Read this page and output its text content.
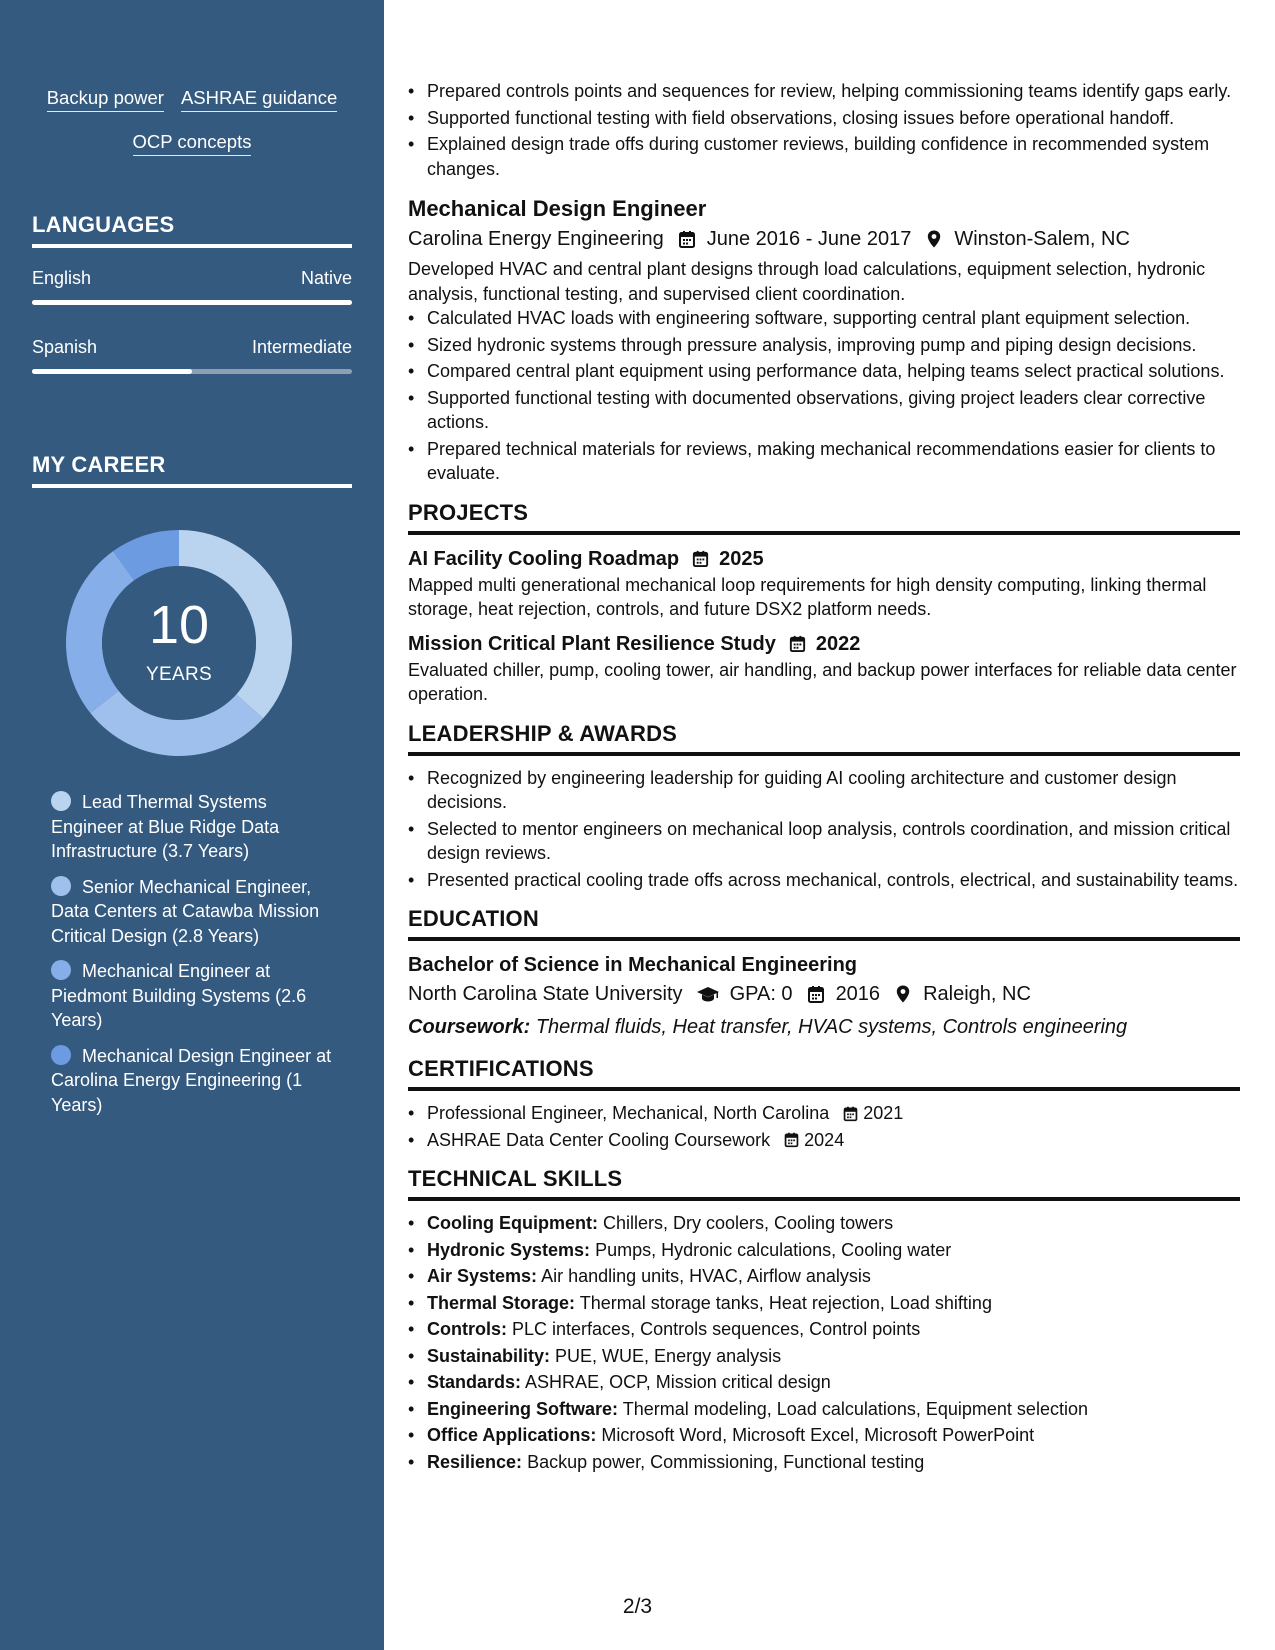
Backup power ASHRAE guidance
OCP concepts
LANGUAGES
English	Native
Spanish	Intermediate
MY CAREER
10
YEARS
Lead Thermal Systems Engineer at Blue Ridge Data Infrastructure (3.7 Years)
Senior Mechanical Engineer, Data Centers at Catawba Mission Critical Design (2.8 Years)
Mechanical Engineer at Piedmont Building Systems (2.6 Years)
Mechanical Design Engineer at Carolina Energy Engineering (1 Years)
• Prepared controls points and sequences for review, helping commissioning teams identify gaps early.
• Supported functional testing with field observations, closing issues before operational handoff.
• Explained design trade offs during customer reviews, building confidence in recommended system changes.
Mechanical Design Engineer
Carolina Energy Engineering June 2016 - June 2017 Winston-Salem, NC
Developed HVAC and central plant designs through load calculations, equipment selection, hydronic analysis, functional testing, and supervised client coordination.
• Calculated HVAC loads with engineering software, supporting central plant equipment selection.
• Sized hydronic systems through pressure analysis, improving pump and piping design decisions.
• Compared central plant equipment using performance data, helping teams select practical solutions.
• Supported functional testing with documented observations, giving project leaders clear corrective actions.
• Prepared technical materials for reviews, making mechanical recommendations easier for clients to evaluate.
PROJECTS
AI Facility Cooling Roadmap 2025
Mapped multi generational mechanical loop requirements for high density computing, linking thermal storage, heat rejection, controls, and future DSX2 platform needs.
Mission Critical Plant Resilience Study 2022
Evaluated chiller, pump, cooling tower, air handling, and backup power interfaces for reliable data center operation.
LEADERSHIP & AWARDS
• Recognized by engineering leadership for guiding AI cooling architecture and customer design decisions.
• Selected to mentor engineers on mechanical loop analysis, controls coordination, and mission critical design reviews.
• Presented practical cooling trade offs across mechanical, controls, electrical, and sustainability teams.
EDUCATION
Bachelor of Science in Mechanical Engineering
North Carolina State University GPA: 0 2016 Raleigh, NC
Coursework: Thermal fluids, Heat transfer, HVAC systems, Controls engineering
CERTIFICATIONS
• Professional Engineer, Mechanical, North Carolina 2021
• ASHRAE Data Center Cooling Coursework 2024
TECHNICAL SKILLS
• Cooling Equipment: Chillers, Dry coolers, Cooling towers
• Hydronic Systems: Pumps, Hydronic calculations, Cooling water
• Air Systems: Air handling units, HVAC, Airflow analysis
• Thermal Storage: Thermal storage tanks, Heat rejection, Load shifting
• Controls: PLC interfaces, Controls sequences, Control points
• Sustainability: PUE, WUE, Energy analysis
• Standards: ASHRAE, OCP, Mission critical design
• Engineering Software: Thermal modeling, Load calculations, Equipment selection
• Office Applications: Microsoft Word, Microsoft Excel, Microsoft PowerPoint
• Resilience: Backup power, Commissioning, Functional testing
2/3
